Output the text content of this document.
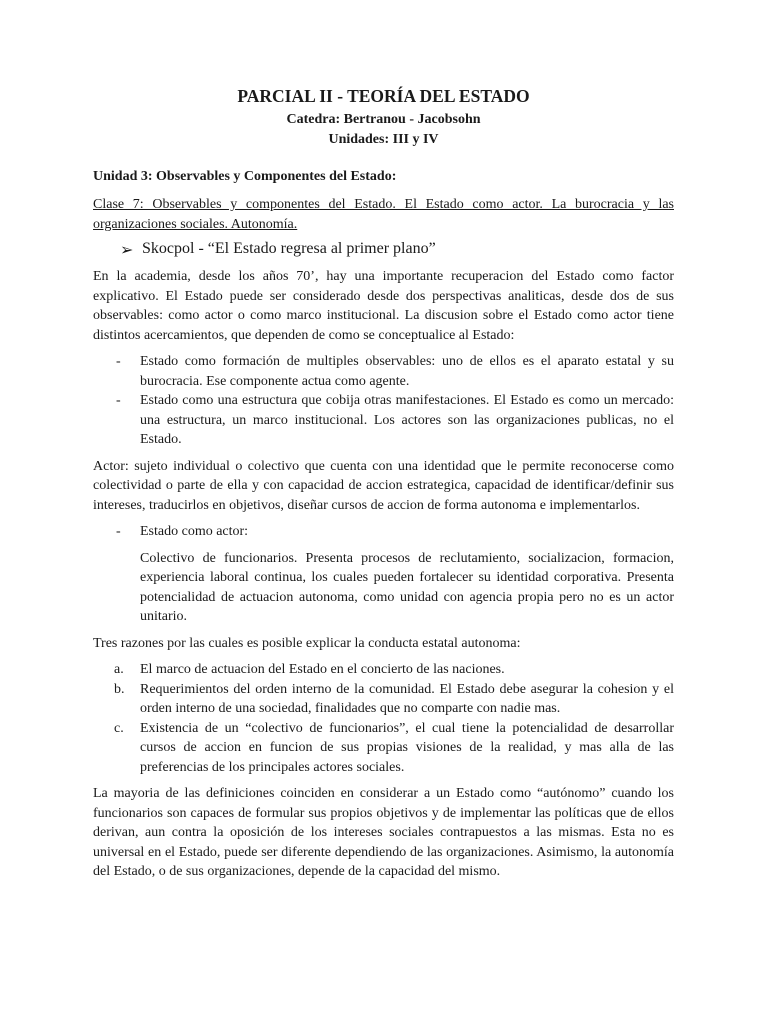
PARCIAL II - TEORÍA DEL ESTADO
Catedra: Bertranou - Jacobsohn
Unidades: III y IV
Unidad 3: Observables y Componentes del Estado:

Clase 7: Observables y componentes del Estado. El Estado como actor. La burocracia y las organizaciones sociales. Autonomía.

➢ Skocpol - “El Estado regresa al primer plano”

En la academia, desde los años 70’, hay una importante recuperacion del Estado como factor explicativo. El Estado puede ser considerado desde dos perspectivas analiticas, desde dos de sus observables: como actor o como marco institucional. La discusion sobre el Estado como actor tiene distintos acercamientos, que dependen de como se conceptualice al Estado:

-	Estado como formación de multiples observables: uno de ellos es el aparato estatal y su burocracia. Ese componente actua como agente.
-	Estado como una estructura que cobija otras manifestaciones. El Estado es como un mercado: una estructura, un marco institucional. Los actores son las organizaciones publicas, no el Estado.

Actor: sujeto individual o colectivo que cuenta con una identidad que le permite reconocerse como colectividad o parte de ella y con capacidad de accion estrategica, capacidad de identificar/definir sus intereses, traducirlos en objetivos, diseñar cursos de accion de forma autonoma e implementarlos.

-	Estado como actor:
Colectivo de funcionarios. Presenta procesos de reclutamiento, socializacion, formacion, experiencia laboral continua, los cuales pueden fortalecer su identidad corporativa. Presenta potencialidad de actuacion autonoma, como unidad con agencia propia pero no es un actor unitario.

Tres razones por las cuales es posible explicar la conducta estatal autonoma:

a.	El marco de actuacion del Estado en el concierto de las naciones.
b.	Requerimientos del orden interno de la comunidad. El Estado debe asegurar la cohesion y el orden interno de una sociedad, finalidades que no comparte con nadie mas.
c.	Existencia de un “colectivo de funcionarios”, el cual tiene la potencialidad de desarrollar cursos de accion en funcion de sus propias visiones de la realidad, y mas alla de las preferencias de los principales actores sociales.

La mayoria de las definiciones coinciden en considerar a un Estado como “autónomo” cuando los funcionarios son capaces de formular sus propios objetivos y de implementar las políticas que de ellos derivan, aun contra la oposición de los intereses sociales contrapuestos a las mismas. Esta no es universal en el Estado, puede ser diferente dependiendo de las organizaciones. Asimismo, la autonomía del Estado, o de sus organizaciones, depende de la capacidad del mismo.
